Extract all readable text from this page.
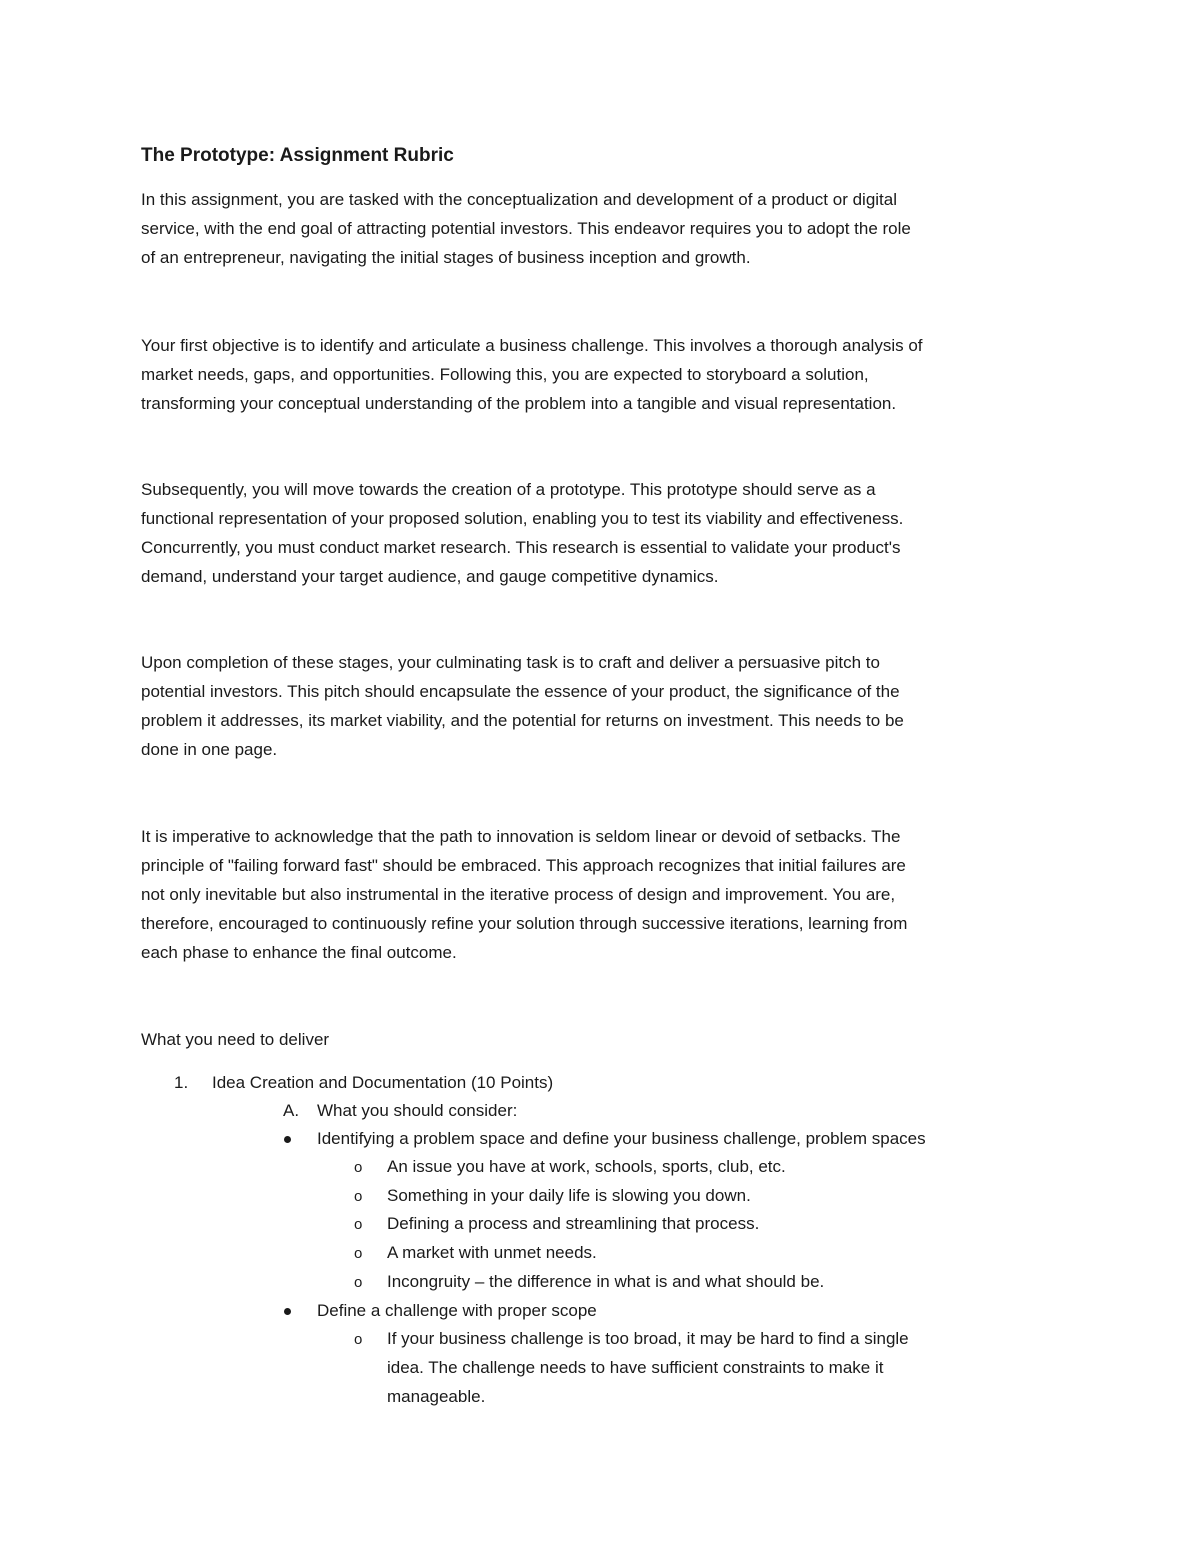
The Prototype: Assignment Rubric
In this assignment, you are tasked with the conceptualization and development of a product or digital
service, with the end goal of attracting potential investors. This endeavor requires you to adopt the role
of an entrepreneur, navigating the initial stages of business inception and growth.
Your first objective is to identify and articulate a business challenge. This involves a thorough analysis of
market needs, gaps, and opportunities. Following this, you are expected to storyboard a solution,
transforming your conceptual understanding of the problem into a tangible and visual representation.
Subsequently, you will move towards the creation of a prototype. This prototype should serve as a
functional representation of your proposed solution, enabling you to test its viability and effectiveness.
Concurrently, you must conduct market research. This research is essential to validate your product's
demand, understand your target audience, and gauge competitive dynamics.
Upon completion of these stages, your culminating task is to craft and deliver a persuasive pitch to
potential investors. This pitch should encapsulate the essence of your product, the significance of the
problem it addresses, its market viability, and the potential for returns on investment. This needs to be
done in one page.
It is imperative to acknowledge that the path to innovation is seldom linear or devoid of setbacks. The
principle of "failing forward fast" should be embraced. This approach recognizes that initial failures are
not only inevitable but also instrumental in the iterative process of design and improvement. You are,
therefore, encouraged to continuously refine your solution through successive iterations, learning from
each phase to enhance the final outcome.
What you need to deliver
1. Idea Creation and Documentation (10 Points)
A. What you should consider:
Identifying a problem space and define your business challenge, problem spaces
o An issue you have at work, schools, sports, club, etc.
o Something in your daily life is slowing you down.
o Defining a process and streamlining that process.
o A market with unmet needs.
o Incongruity – the difference in what is and what should be.
Define a challenge with proper scope
o If your business challenge is too broad, it may be hard to find a single
idea. The challenge needs to have sufficient constraints to make it
manageable.
